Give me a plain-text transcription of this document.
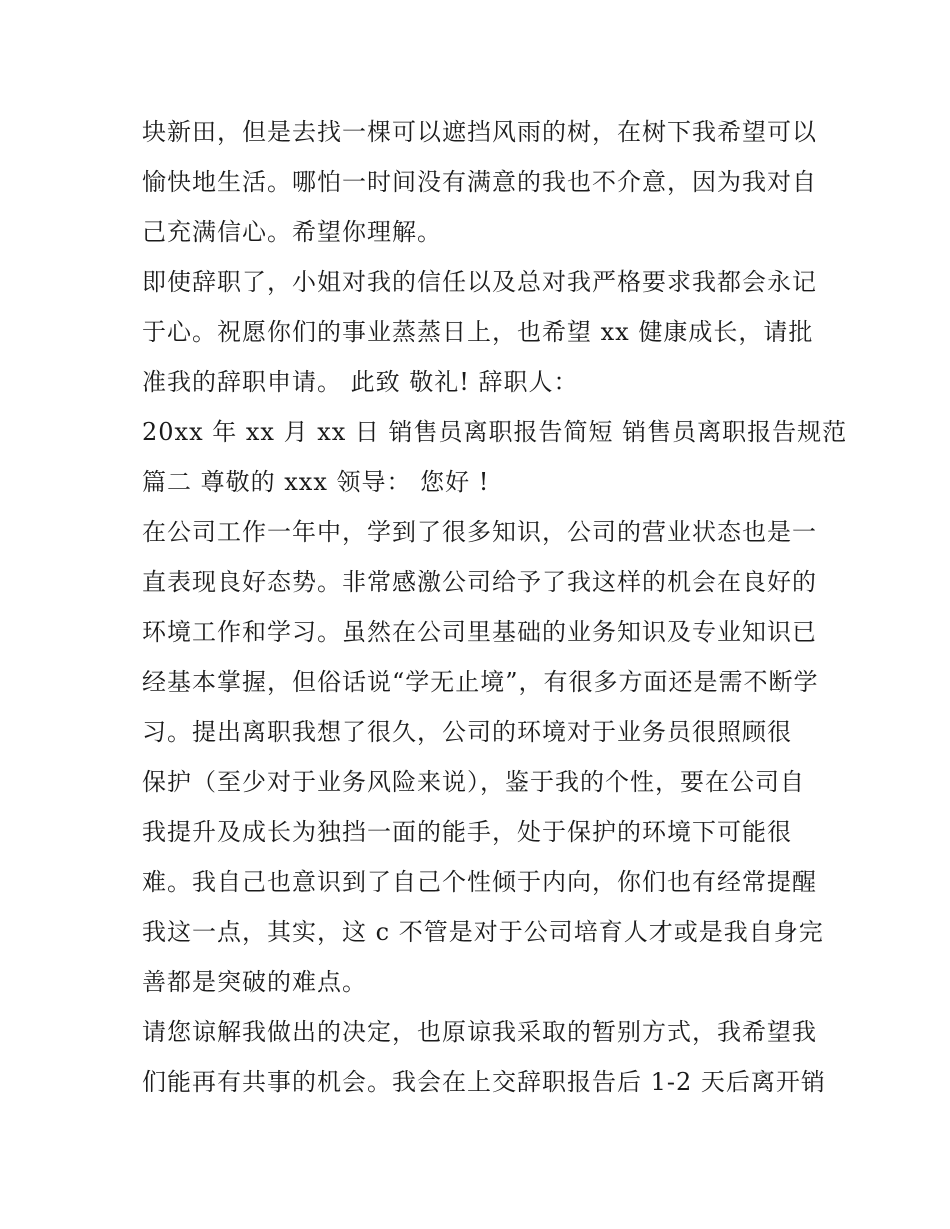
块新田，但是去找一棵可以遮挡风雨的树，在树下我希望可以
愉快地生活。哪怕一时间没有满意的我也不介意，因为我对自
己充满信心。希望你理解。
即使辞职了，小姐对我的信任以及总对我严格要求我都会永记
于心。祝愿你们的事业蒸蒸日上，也希望 xx 健康成长，请批
准我的辞职申请。 此致 敬礼! 辞职人：
20xx 年 xx 月 xx 日 销售员离职报告简短 销售员离职报告规范
篇二 尊敬的 xxx 领导： 您好 !
在公司工作一年中，学到了很多知识，公司的营业状态也是一
直表现良好态势。非常感激公司给予了我这样的机会在良好的
环境工作和学习。虽然在公司里基础的业务知识及专业知识已
经基本掌握，但俗话说“学无止境”，有很多方面还是需不断学
习。提出离职我想了很久，公司的环境对于业务员很照顾很
保护（至少对于业务风险来说），鉴于我的个性，要在公司自
我提升及成长为独挡一面的能手，处于保护的环境下可能很
难。我自己也意识到了自己个性倾于内向，你们也有经常提醒
我这一点，其实，这 c 不管是对于公司培育人才或是我自身完
善都是突破的难点。
请您谅解我做出的决定，也原谅我采取的暂别方式，我希望我
们能再有共事的机会。我会在上交辞职报告后 1-2 天后离开销
